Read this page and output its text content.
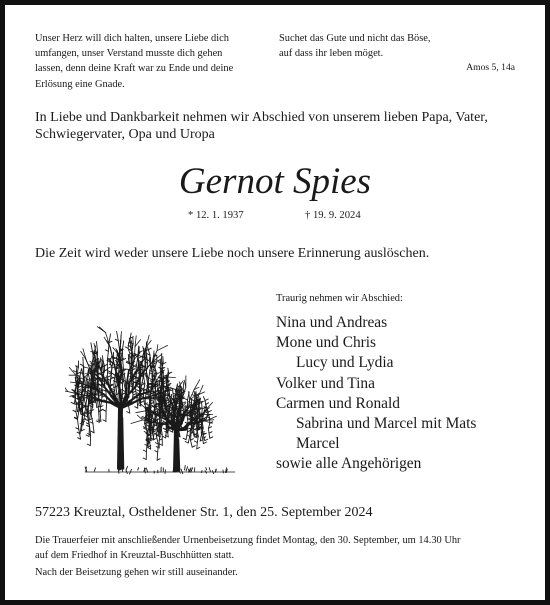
Unser Herz will dich halten, unsere Liebe dich
umfangen, unser Verstand musste dich gehen
lassen, denn deine Kraft war zu Ende und deine
Erlösung eine Gnade.
Suchet das Gute und nicht das Böse,
auf dass ihr leben möget.
Amos 5, 14a
In Liebe und Dankbarkeit nehmen wir Abschied von unserem lieben Papa, Vater,
Schwiegervater, Opa und Uropa
Gernot Spies
* 12. 1. 1937	† 19. 9. 2024
Die Zeit wird weder unsere Liebe noch unsere Erinnerung auslöschen.
Traurig nehmen wir Abschied:
Nina und Andreas
Mone und Chris
Lucy und Lydia
Volker und Tina
Carmen und Ronald
Sabrina und Marcel mit Mats
Marcel
sowie alle Angehörigen
57223 Kreuztal, Ostheldener Str. 1, den 25. September 2024
Die Trauerfeier mit anschließender Urnenbeisetzung findet Montag, den 30. September, um 14.30 Uhr
auf dem Friedhof in Kreuztal-Buschhütten statt.
Nach der Beisetzung gehen wir still auseinander.
